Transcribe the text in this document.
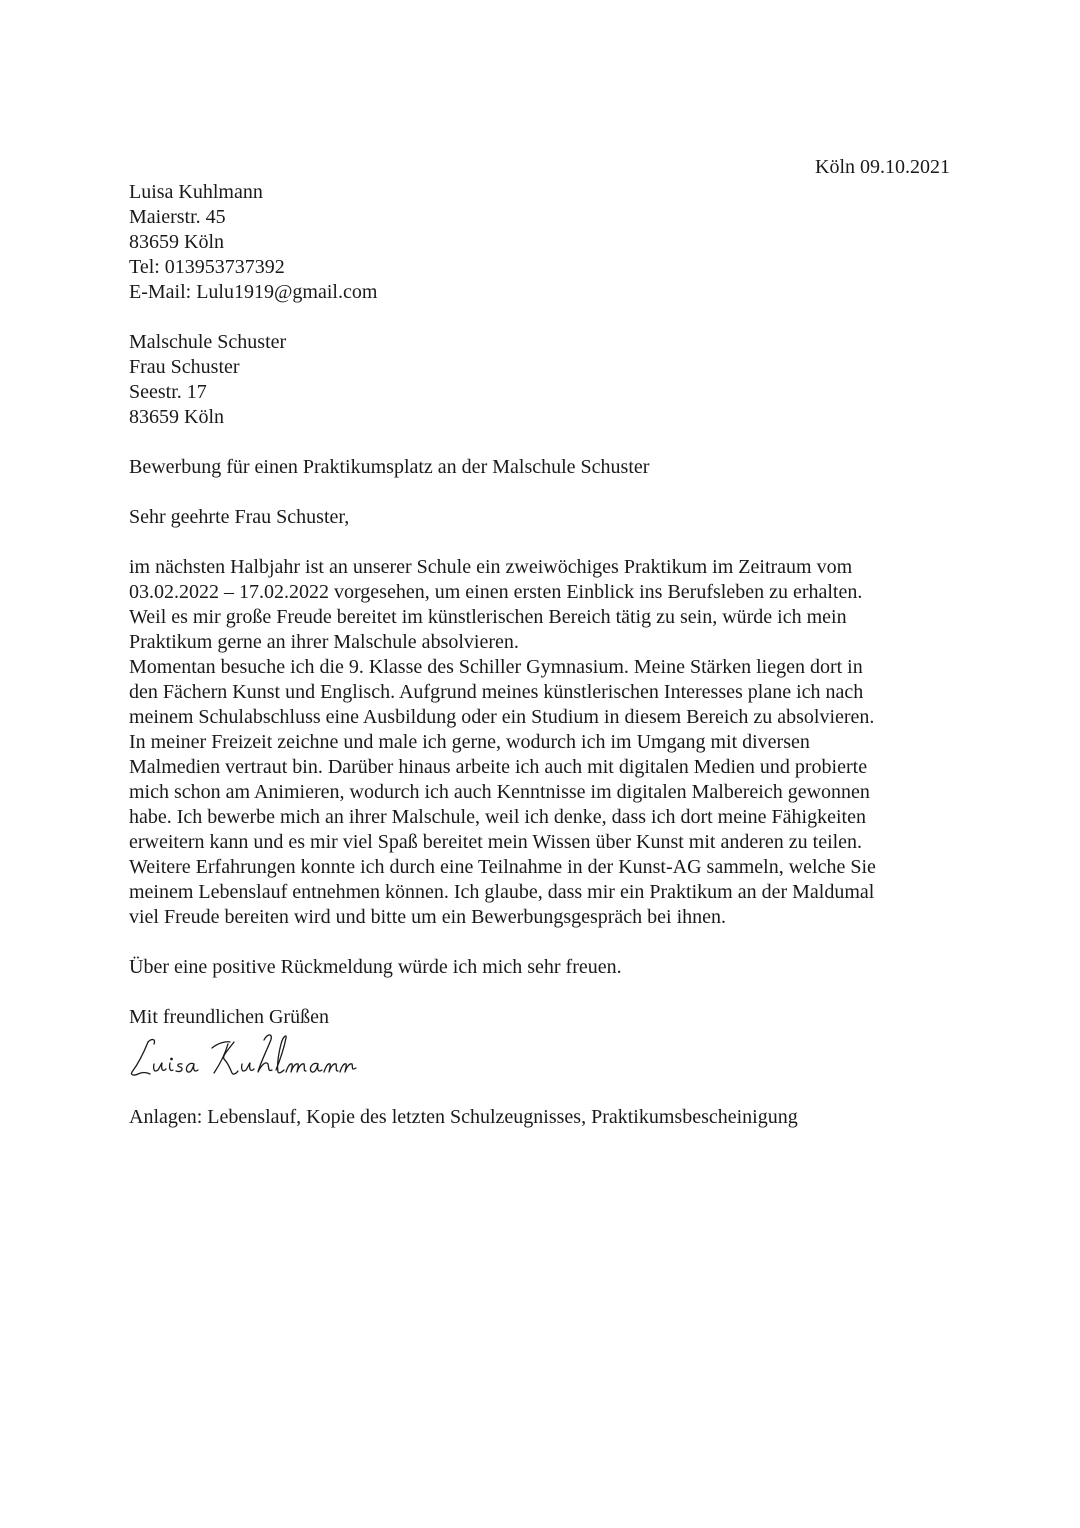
Köln 09.10.2021
Luisa Kuhlmann
Maierstr. 45
83659 Köln
Tel: 013953737392
E-Mail: Lulu1919@gmail.com
Malschule Schuster
Frau Schuster
Seestr. 17
83659 Köln
Bewerbung für einen Praktikumsplatz an der Malschule Schuster
Sehr geehrte Frau Schuster,
im nächsten Halbjahr ist an unserer Schule ein zweiwöchiges Praktikum im Zeitraum vom
03.02.2022 – 17.02.2022 vorgesehen, um einen ersten Einblick ins Berufsleben zu erhalten.
Weil es mir große Freude bereitet im künstlerischen Bereich tätig zu sein, würde ich mein
Praktikum gerne an ihrer Malschule absolvieren.
Momentan besuche ich die 9. Klasse des Schiller Gymnasium. Meine Stärken liegen dort in
den Fächern Kunst und Englisch. Aufgrund meines künstlerischen Interesses plane ich nach
meinem Schulabschluss eine Ausbildung oder ein Studium in diesem Bereich zu absolvieren.
In meiner Freizeit zeichne und male ich gerne, wodurch ich im Umgang mit diversen
Malmedien vertraut bin. Darüber hinaus arbeite ich auch mit digitalen Medien und probierte
mich schon am Animieren, wodurch ich auch Kenntnisse im digitalen Malbereich gewonnen
habe. Ich bewerbe mich an ihrer Malschule, weil ich denke, dass ich dort meine Fähigkeiten
erweitern kann und es mir viel Spaß bereitet mein Wissen über Kunst mit anderen zu teilen.
Weitere Erfahrungen konnte ich durch eine Teilnahme in der Kunst-AG sammeln, welche Sie
meinem Lebenslauf entnehmen können. Ich glaube, dass mir ein Praktikum an der Maldumal
viel Freude bereiten wird und bitte um ein Bewerbungsgespräch bei ihnen.
Über eine positive Rückmeldung würde ich mich sehr freuen.
Mit freundlichen Grüßen
Anlagen: Lebenslauf, Kopie des letzten Schulzeugnisses, Praktikumsbescheinigung
